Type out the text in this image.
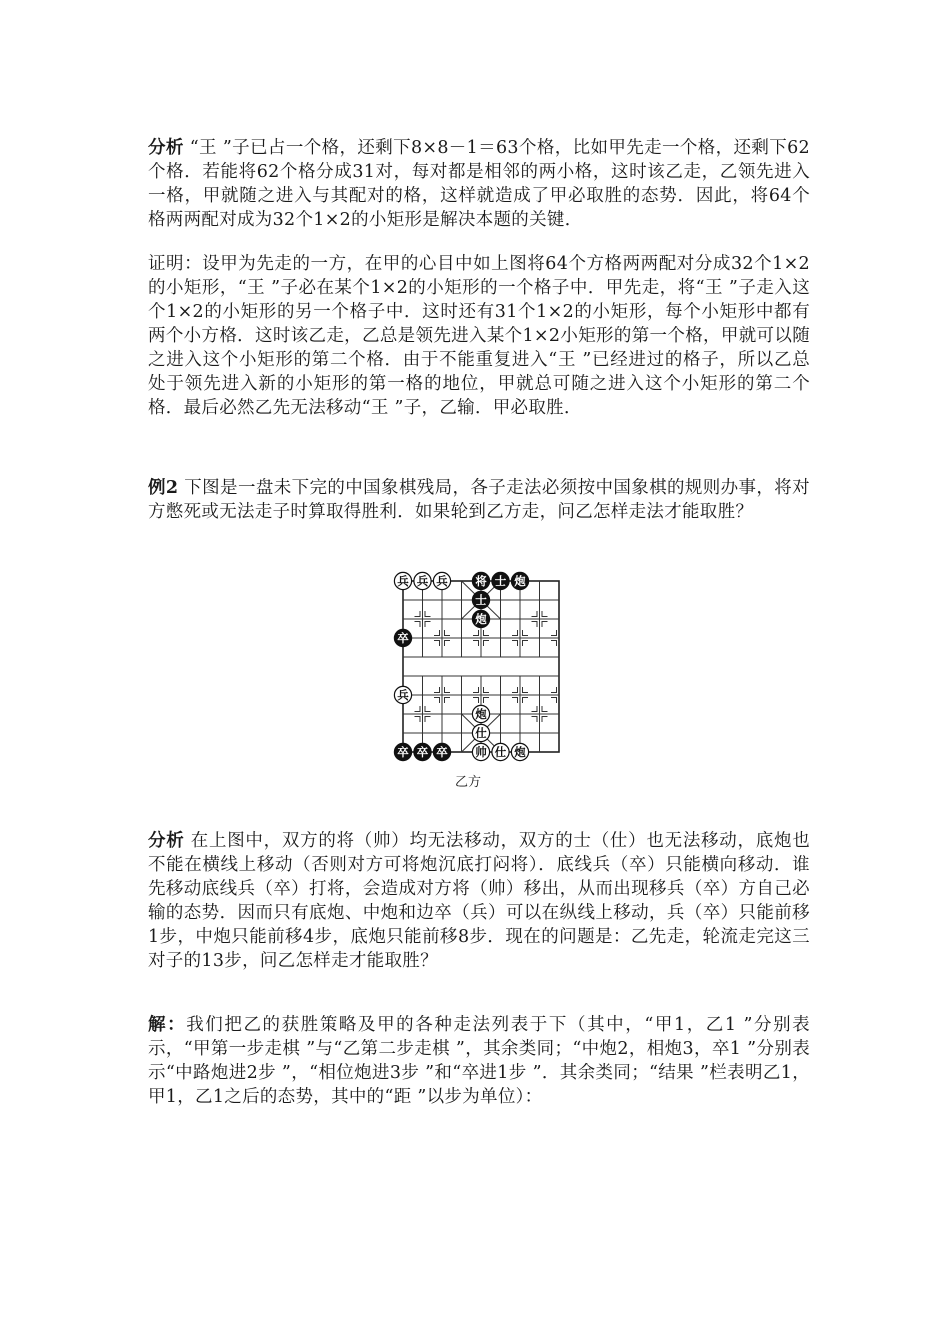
分析 “王 ”子已占一个格，还剩下8×8－1＝63个格，比如甲先走一个格，还剩下62个格．若能将62个格分成31对，每对都是相邻的两小格，这时该乙走，乙领先进入一格，甲就随之进入与其配对的格，这样就造成了甲必取胜的态势．因此，将64个格两两配对成为32个1×2的小矩形是解决本题的关键．

证明：设甲为先走的一方，在甲的心目中如上图将64个方格两两配对分成32个1×2的小矩形，“王 ”子必在某个1×2的小矩形的一个格子中．甲先走，将“王 ”子走入这个1×2的小矩形的另一个格子中．这时还有31个1×2的小矩形，每个小矩形中都有两个小方格．这时该乙走，乙总是领先进入某个1×2小矩形的第一个格，甲就可以随之进入这个小矩形的第二个格．由于不能重复进入“王 ”已经进过的格子，所以乙总处于领先进入新的小矩形的第一格的地位，甲就总可随之进入这个小矩形的第二个格．最后必然乙先无法移动“王 ”子，乙输．甲必取胜．

例2 下图是一盘未下完的中国象棋残局，各子走法必须按中国象棋的规则办事，将对方憋死或无法走子时算取得胜利．如果轮到乙方走，问乙怎样走法才能取胜？

兵 兵 兵 将 士 炮
士
炮
卒
兵
炮
仕
卒 卒 卒 帅 仕 炮
乙方

分析 在上图中，双方的将（帅）均无法移动，双方的士（仕）也无法移动，底炮也不能在横线上移动（否则对方可将炮沉底打闷将）．底线兵（卒）只能横向移动．谁先移动底线兵（卒）打将，会造成对方将（帅）移出，从而出现移兵（卒）方自己必输的态势．因而只有底炮、中炮和边卒（兵）可以在纵线上移动，兵（卒）只能前移1步，中炮只能前移4步，底炮只能前移8步．现在的问题是：乙先走，轮流走完这三对子的13步，问乙怎样走才能取胜？

解：我们把乙的获胜策略及甲的各种走法列表于下（其中，“甲1，乙1 ”分别表示，“甲第一步走棋 ”与“乙第二步走棋 ”，其余类同；“中炮2，相炮3，卒1 ”分别表示“中路炮进2步 ”，“相位炮进3步 ”和“卒进1步 ”．其余类同；“结果 ”栏表明乙1，甲1，乙1之后的态势，其中的“距 ”以步为单位）：
